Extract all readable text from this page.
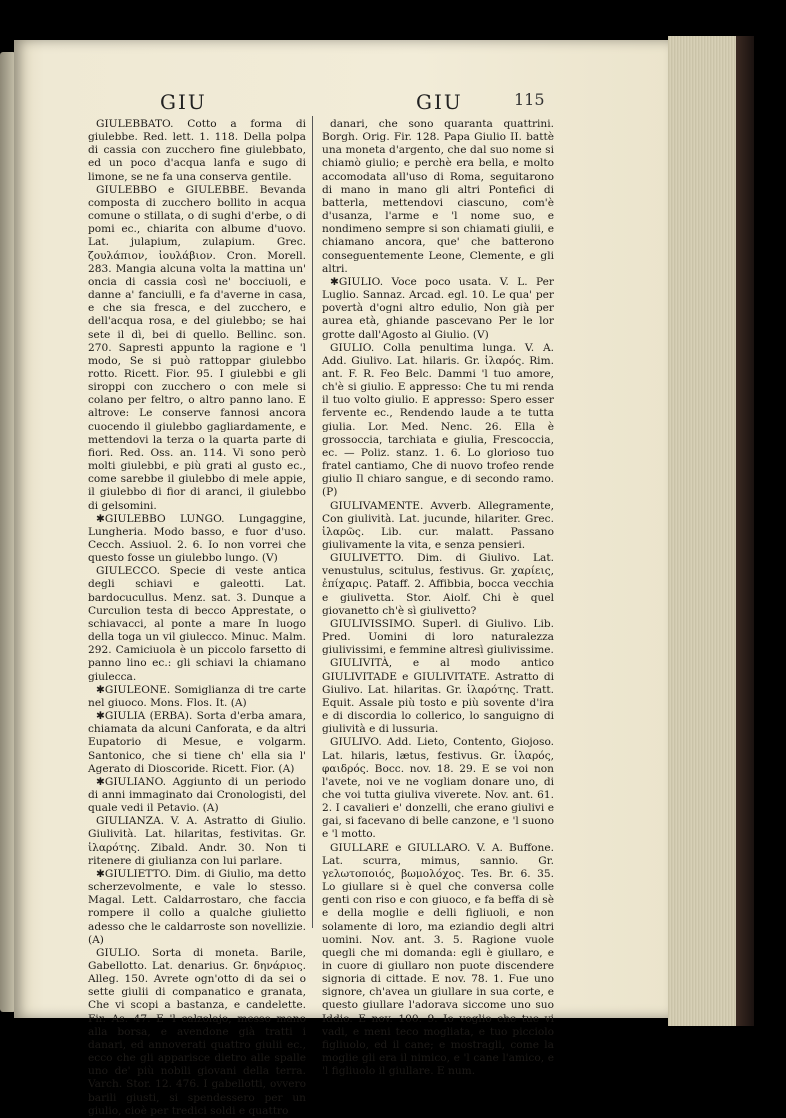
GIU	GIU	115

GIULEBBATO. Cotto a forma di giulebbe. Red. lett. 1. 118. Della polpa di cassia con zucchero fine giulebbato, ed un poco d'acqua lanfa e sugo di limone, se ne fa una conserva gentile.

GIULEBBO e GIULEBBE. Bevanda composta di zucchero bollito in acqua comune o stillata, o di sughi d'erbe, o di pomi ec., chiarita con albume d'uovo. Lat. julapium, zulapium. Grec. ζουλάπιον, ἰουλάβιον. Cron. Morell. 283. Mangia alcuna volta la mattina un' oncia di cassia così ne' bocciuoli, e danne a' fanciulli, e fa d'averne in casa, e che sia fresca, e del zucchero, e dell'acqua rosa, e del giulebbo; se hai sete il dì, bei di quello. Bellinc. son. 270. Sapresti appunto la ragione e 'l modo, Se si può rattoppar giulebbo rotto. Ricett. Fior. 95. I giulebbi e gli siroppi con zucchero o con mele si colano per feltro, o altro panno lano. E altrove: Le conserve fannosi ancora cuocendo il giulebbo gagliardamente, e mettendovi la terza o la quarta parte di fiori. Red. Oss. an. 114. Vi sono però molti giulebbi, e più grati al gusto ec., come sarebbe il giulebbo di mele appie, il giulebbo di fior di aranci, il giulebbo di gelsomini.

✱GIULEBBO LUNGO. Lungaggine, Lungheria. Modo basso, e fuor d'uso. Cecch. Assiuol. 2. 6. Io non vorrei che questo fosse un giulebbo lungo. (V)

GIULECCO. Specie di veste antica degli schiavi e galeotti. Lat. bardocucullus. Menz. sat. 3. Dunque a Curculion testa di becco Apprestate, o schiavacci, al ponte a mare In luogo della toga un vil giulecco. Minuc. Malm. 292. Camiciuola è un piccolo farsetto di panno lino ec.: gli schiavi la chiamano giulecca.

✱GIULEONE. Somiglianza di tre carte nel giuoco. Mons. Flos. It. (A)

✱GIULIA (ERBA). Sorta d'erba amara, chiamata da alcuni Canforata, e da altri Eupatorio di Mesue, e volgarm. Santonico, che si tiene ch' ella sia l' Agerato di Dioscoride. Ricett. Fior. (A)

✱GIULIANO. Aggiunto di un periodo di anni immaginato dai Cronologisti, del quale vedi il Petavio. (A)

GIULIANZA. V. A. Astratto di Giulio. Giulività. Lat. hilaritas, festivitas. Gr. ἱλαρότης. Zibald. Andr. 30. Non ti ritenere di giulianza con lui parlare.

✱GIULIETTO. Dim. di Giulio, ma detto scherzevolmente, e vale lo stesso. Magal. Lett. Caldarrostaro, che faccia rompere il collo a qualche giulietto adesso che le caldarroste son novellizie. (A)

GIULIO. Sorta di moneta. Barile, Gabellotto. Lat. denarius. Gr. δηνάριος. Alleg. 150. Avrete ogn'otto di da sei o sette giulii di companatico e granata, Che vi scopi a bastanza, e candelette. Fir. As. 47. E 'l calzolajo, messo mano alla borsa, e avendone già tratti i danari, ed annoverati quattro giulii ec., ecco che gli apparisce dietro alle spalle uno de' più nobili giovani della terra. Varch. Stor. 12. 476. I gabellotti, ovvero barili giusti, si spendessero per un giulio, cioè per tredici soldi e quattro

danari, che sono quaranta quattrini. Borgh. Orig. Fir. 128. Papa Giulio II. battè una moneta d'argento, che dal suo nome si chiamò giulio; e perchè era bella, e molto accomodata all'uso di Roma, seguitarono di mano in mano gli altri Pontefici di batterla, mettendovi ciascuno, com'è d'usanza, l'arme e 'l nome suo, e nondimeno sempre si son chiamati giulii, e chiamano ancora, que' che batterono conseguentemente Leone, Clemente, e gli altri.

✱GIULIO. Voce poco usata. V. L. Per Luglio. Sannaz. Arcad. egl. 10. Le qua' per povertà d'ogni altro edulio, Non già per aurea età, ghiande pascevano Per le lor grotte dall'Agosto al Giulio. (V)

GIULIO. Colla penultima lunga. V. A. Add. Giulivo. Lat. hilaris. Gr. ἱλαρός. Rim. ant. F. R. Feo Belc. Dammi 'l tuo amore, ch'è si giulio. E appresso: Che tu mi renda il tuo volto giulio. E appresso: Spero esser fervente ec., Rendendo laude a te tutta giulia. Lor. Med. Nenc. 26. Ella è grossoccia, tarchiata e giulia, Frescoccia, ec. — Poliz. stanz. 1. 6. Lo glorioso tuo fratel cantiamo, Che di nuovo trofeo rende giulio Il chiaro sangue, e di secondo ramo. (P)

GIULIVAMENTE. Avverb. Allegramente, Con giulività. Lat. jucunde, hilariter. Grec. ἱλαρῶς. Lib. cur. malatt. Passano giulivamente la vita, e senza pensieri.

GIULIVETTO. Dim. di Giulivo. Lat. venustulus, scitulus, festivus. Gr. χαρίεις, ἐπίχαρις. Pataff. 2. Affibbia, bocca vecchia e giulivetta. Stor. Aiolf. Chi è quel giovanetto ch'è sì giulivetto?

GIULIVISSIMO. Superl. di Giulivo. Lib. Pred. Uomini di loro naturalezza giulivissimi, e femmine altresì giulivissime.

GIULIVITÀ, e al modo antico GIULIVITADE e GIULIVITATE. Astratto di Giulivo. Lat. hilaritas. Gr. ἱλαρότης. Tratt. Equit. Assale più tosto e più sovente d'ira e di discordia lo collerico, lo sanguigno di giulività e di lussuria.

GIULIVO. Add. Lieto, Contento, Giojoso. Lat. hilaris, lætus, festivus. Gr. ἱλαρός, φαιδρός. Bocc. nov. 18. 29. E se voi non l'avete, noi ve ne vogliam donare uno, di che voi tutta giuliva viverete. Nov. ant. 61. 2. I cavalieri e' donzelli, che erano giulivi e gai, si facevano di belle canzone, e 'l suono e 'l motto.

GIULLARE e GIULLARO. V. A. Buffone. Lat. scurra, mimus, sannio. Gr. γελωτοποιός, βωμολόχος. Tes. Br. 6. 35. Lo giullare si è quel che conversa colle genti con riso e con giuoco, e fa beffa di sè e della moglie e delli figliuoli, e non solamente di loro, ma eziandio degli altri uomini. Nov. ant. 3. 5. Ragione vuole quegli che mi domanda: egli è giullaro, e in cuore di giullaro non puote discendere signoria di cittade. E nov. 78. 1. Fue uno signore, ch'avea un giullare in sua corte, e questo giullare l'adorava siccome uno suo Iddio. E nov. 100. 9. Io voglio che tue vi vadi, e meni teco mogliata, e tuo picciolo figliuolo, ed il cane; e mostragli, come la moglie gli era il nimico, e 'l cane l'amico, e 'l figliuolo il giullare. E num.
